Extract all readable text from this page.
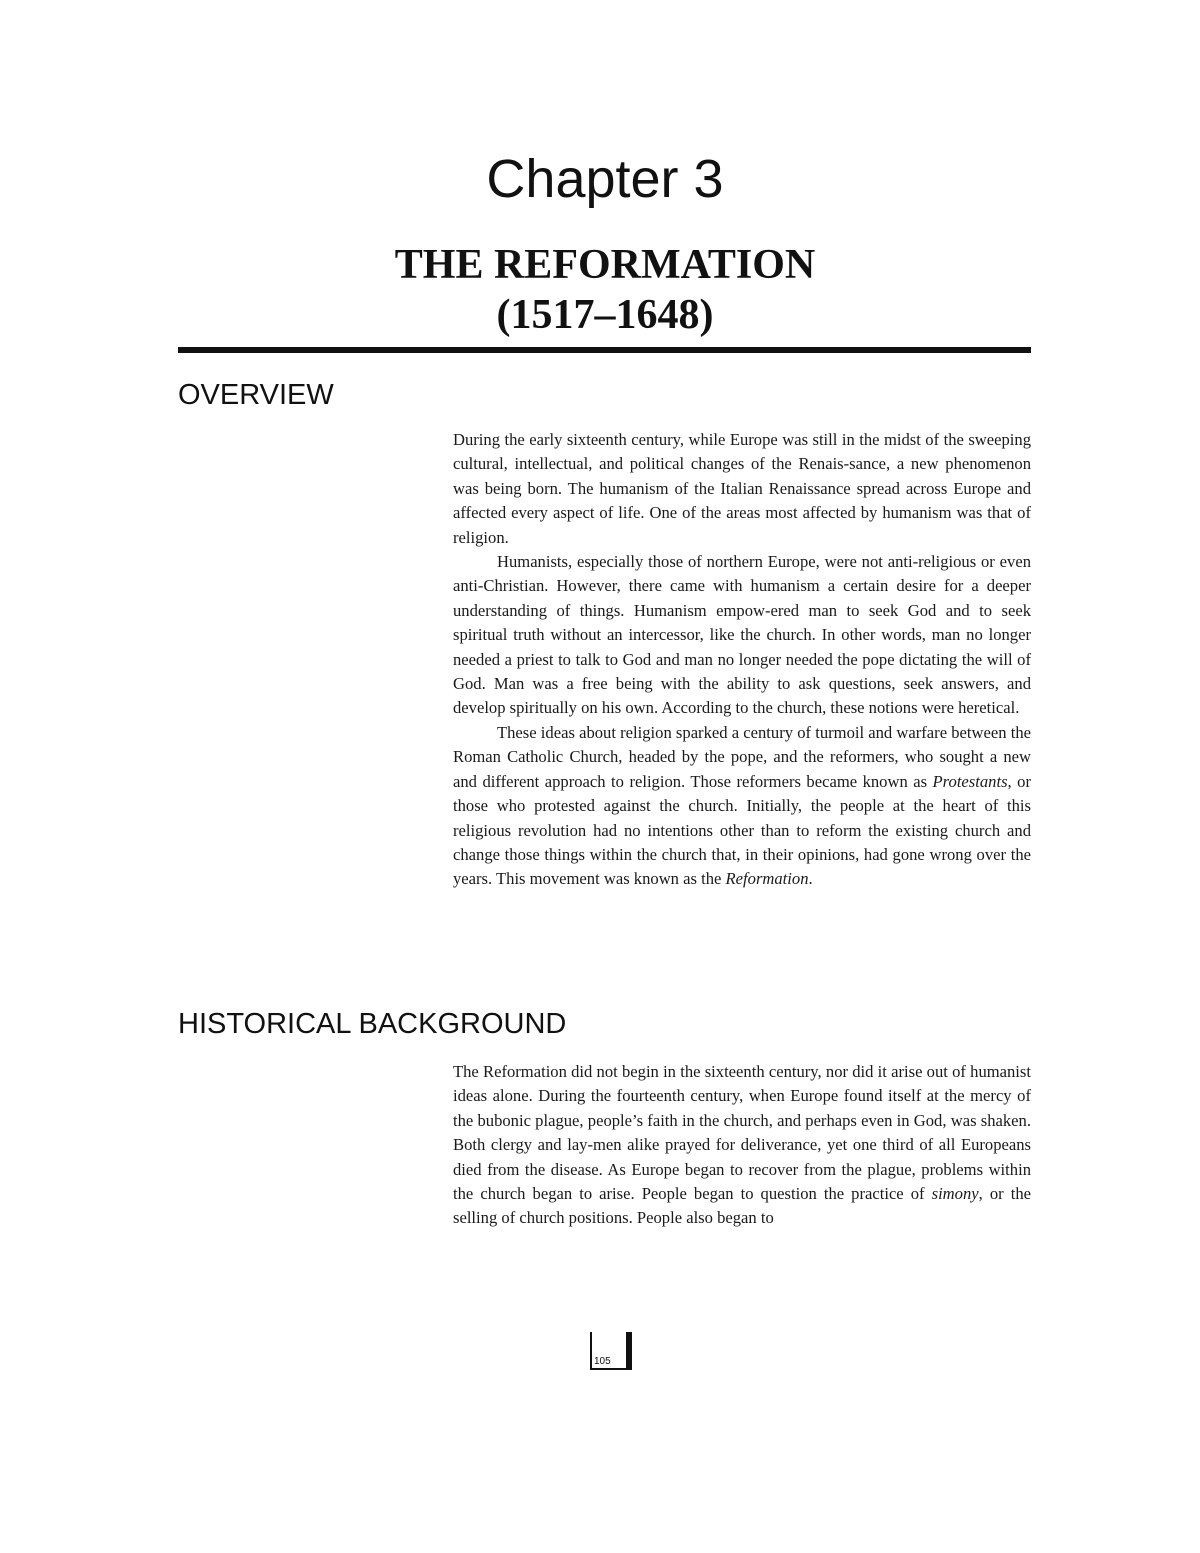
Chapter 3
THE REFORMATION
(1517–1648)
OVERVIEW

During the early sixteenth century, while Europe was still in the midst of the sweeping cultural, intellectual, and political changes of the Renais-sance, a new phenomenon was being born. The humanism of the Italian Renaissance spread across Europe and affected every aspect of life. One of the areas most affected by humanism was that of religion.

Humanists, especially those of northern Europe, were not anti-religious or even anti-Christian. However, there came with humanism a certain desire for a deeper understanding of things. Humanism empow-ered man to seek God and to seek spiritual truth without an intercessor, like the church. In other words, man no longer needed a priest to talk to God and man no longer needed the pope dictating the will of God. Man was a free being with the ability to ask questions, seek answers, and develop spiritually on his own. According to the church, these notions were heretical.

These ideas about religion sparked a century of turmoil and warfare between the Roman Catholic Church, headed by the pope, and the reformers, who sought a new and different approach to religion. Those reformers became known as Protestants, or those who protested against the church. Initially, the people at the heart of this religious revolution had no intentions other than to reform the existing church and change those things within the church that, in their opinions, had gone wrong over the years. This movement was known as the Reformation.

HISTORICAL BACKGROUND

The Reformation did not begin in the sixteenth century, nor did it arise out of humanist ideas alone. During the fourteenth century, when Europe found itself at the mercy of the bubonic plague, people’s faith in the church, and perhaps even in God, was shaken. Both clergy and lay-men alike prayed for deliverance, yet one third of all Europeans died from the disease. As Europe began to recover from the plague, problems within the church began to arise. People began to question the practice of simony, or the selling of church positions. People also began to

105
